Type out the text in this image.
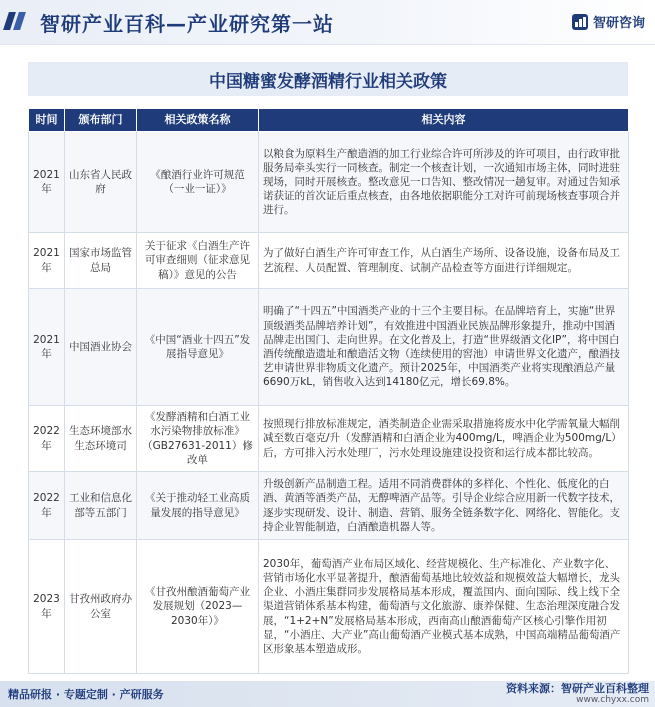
智研产业百科—产业研究第一站	智研咨询
中国糖蜜发酵酒精行业相关政策
时间	颁布部门	相关政策名称	相关内容
2021年	山东省人民政府	《酿酒行业许可规范（一业一证）》	以粮食为原料生产酿造酒的加工行业综合许可所涉及的许可项目，由行政审批服务局牵头实行一同核查。制定一个核查计划，一次通知市场主体，同时进驻现场，同时开展核查。整改意见一口告知、整改情况一趟复审。对通过告知承诺获证的首次证后重点核查，由各地依据职能分工对许可前现场核查事项合并进行。
2021年	国家市场监管总局	关于征求《白酒生产许可审查细则（征求意见稿）》意见的公告	为了做好白酒生产许可审查工作，从白酒生产场所、设备设施，设备布局及工艺流程、人员配置、管理制度、试制产品检查等方面进行详细规定。
2021年	中国酒业协会	《中国“酒业十四五”发展指导意见》	明确了“十四五”中国酒类产业的十三个主要目标。在品牌培育上，实施“世界顶级酒类品牌培养计划”，有效推进中国酒业民族品牌形象提升，推动中国酒品牌走出国门、走向世界。在文化普及上，打造“世界级酒文化IP”，将中国白酒传统酿造遗址和酿造活文物（连续使用的窖池）申请世界文化遗产，酿酒技艺申请世界非物质文化遗产。预计2025年，中国酒类产业将实现酿酒总产量6690万kL，销售收入达到14180亿元，增长69.8%。
2022年	生态环境部水生态环境司	《发酵酒精和白酒工业水污染物排放标准》（GB27631-2011）修改单	按照现行排放标准规定，酒类制造企业需采取措施将废水中化学需氧量大幅削减至数百毫克/升（发酵酒精和白酒企业为400mg/L，啤酒企业为500mg/L）后，方可排入污水处理厂，污水处理设施建设投资和运行成本都比较高。
2022年	工业和信息化部等五部门	《关于推动轻工业高质量发展的指导意见》	升级创新产品制造工程。适用不同消费群体的多样化、个性化、低度化的白酒、黄酒等酒类产品，无醇啤酒产品等。引导企业综合应用新一代数字技术，逐步实现研发、设计、制造、营销、服务全链条数字化、网络化、智能化。支持企业智能制造，白酒酿造机器人等。
2023年	甘孜州政府办公室	《甘孜州酿酒葡萄产业发展规划（2023—2030年）》	2030年，葡萄酒产业布局区域化、经营规模化、生产标准化、产业数字化、营销市场化水平显著提升，酿酒葡萄基地比较效益和规模效益大幅增长，龙头企业、小酒庄集群同步发展格局基本形成，覆盖国内、面向国际、线上线下全渠道营销体系基本构建，葡萄酒与文化旅游、康养保健、生态治理深度融合发展，“1+2+N”发展格局基本形成，西南高山酿酒葡萄产区核心引擎作用初显，“小酒庄、大产业”高山葡萄酒产业模式基本成熟，中国高端精品葡萄酒产区形象基本塑造成形。
精品研报 · 专题定制 · 产研服务	资料来源：智研产业百科整理
www.chyxx.com
